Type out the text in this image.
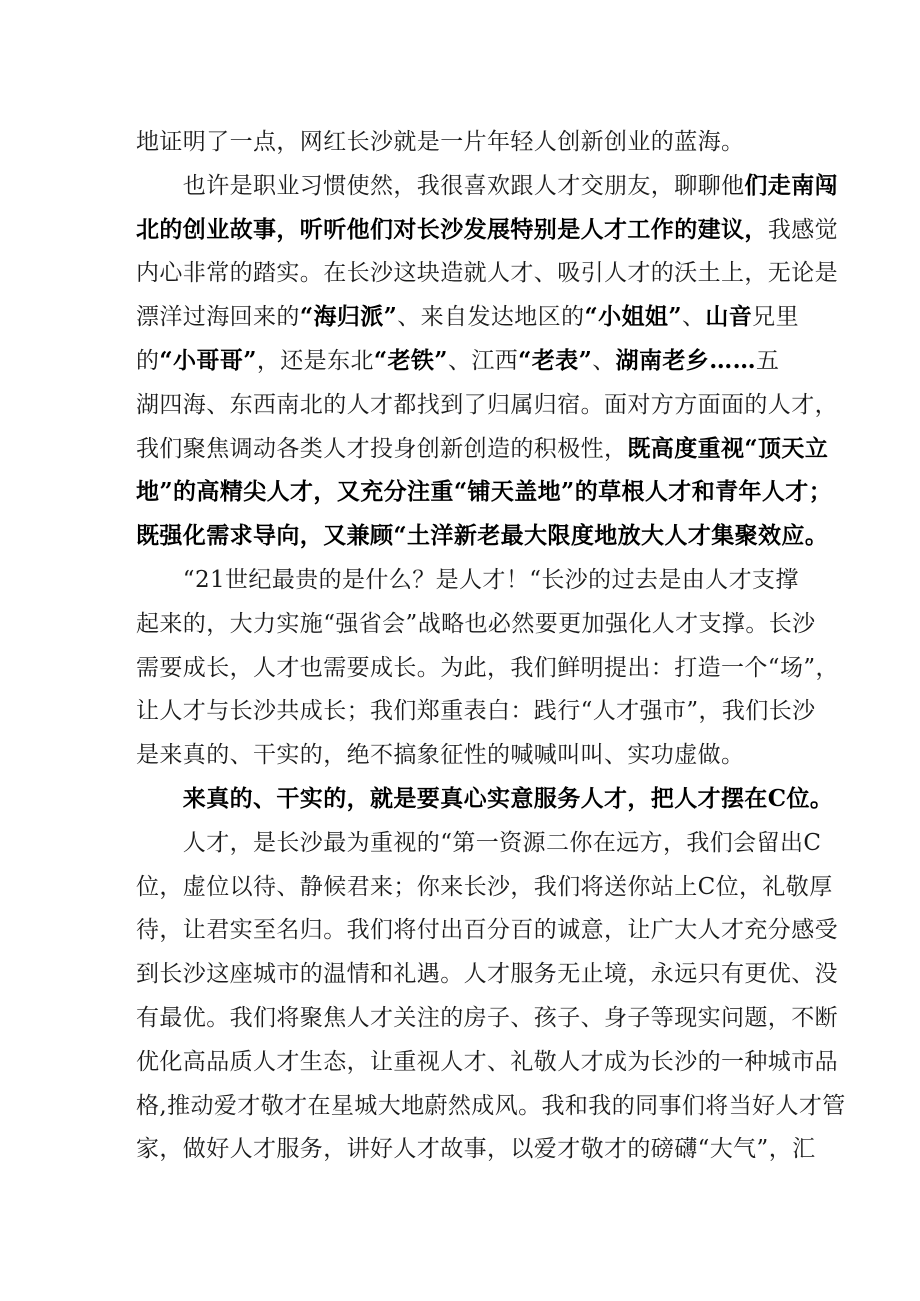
地证明了一点，网红长沙就是一片年轻人创新创业的蓝海。
　　也许是职业习惯使然，我很喜欢跟人才交朋友，聊聊他们走南闯
北的创业故事，听听他们对长沙发展特别是人才工作的建议，我感觉
内心非常的踏实。在长沙这块造就人才、吸引人才的沃土上，无论是
漂洋过海回来的“海归派”、来自发达地区的“小姐姐”、山音兄里
的“小哥哥”，还是东北“老铁”、江西“老表”、湖南老乡……五
湖四海、东西南北的人才都找到了归属归宿。面对方方面面的人才，
我们聚焦调动各类人才投身创新创造的积极性，既高度重视“顶天立
地”的高精尖人才，又充分注重“铺天盖地”的草根人才和青年人才；
既强化需求导向，又兼顾“土洋新老最大限度地放大人才集聚效应。
　　“21世纪最贵的是什么？是人才！“长沙的过去是由人才支撑
起来的，大力实施“强省会”战略也必然要更加强化人才支撑。长沙
需要成长，人才也需要成长。为此，我们鲜明提出：打造一个“场”，
让人才与长沙共成长；我们郑重表白：践行“人才强市”，我们长沙
是来真的、干实的，绝不搞象征性的喊喊叫叫、实功虚做。
　　来真的、干实的，就是要真心实意服务人才，把人才摆在C位。
　　人才，是长沙最为重视的“第一资源二你在远方，我们会留出C
位，虚位以待、静候君来；你来长沙，我们将送你站上C位，礼敬厚
待，让君实至名归。我们将付出百分百的诚意，让广大人才充分感受
到长沙这座城市的温情和礼遇。人才服务无止境，永远只有更优、没
有最优。我们将聚焦人才关注的房子、孩子、身子等现实问题，不断
优化高品质人才生态，让重视人才、礼敬人才成为长沙的一种城市品
格,推动爱才敬才在星城大地蔚然成风。我和我的同事们将当好人才管
家，做好人才服务，讲好人才故事，以爱才敬才的磅礴“大气”，汇
